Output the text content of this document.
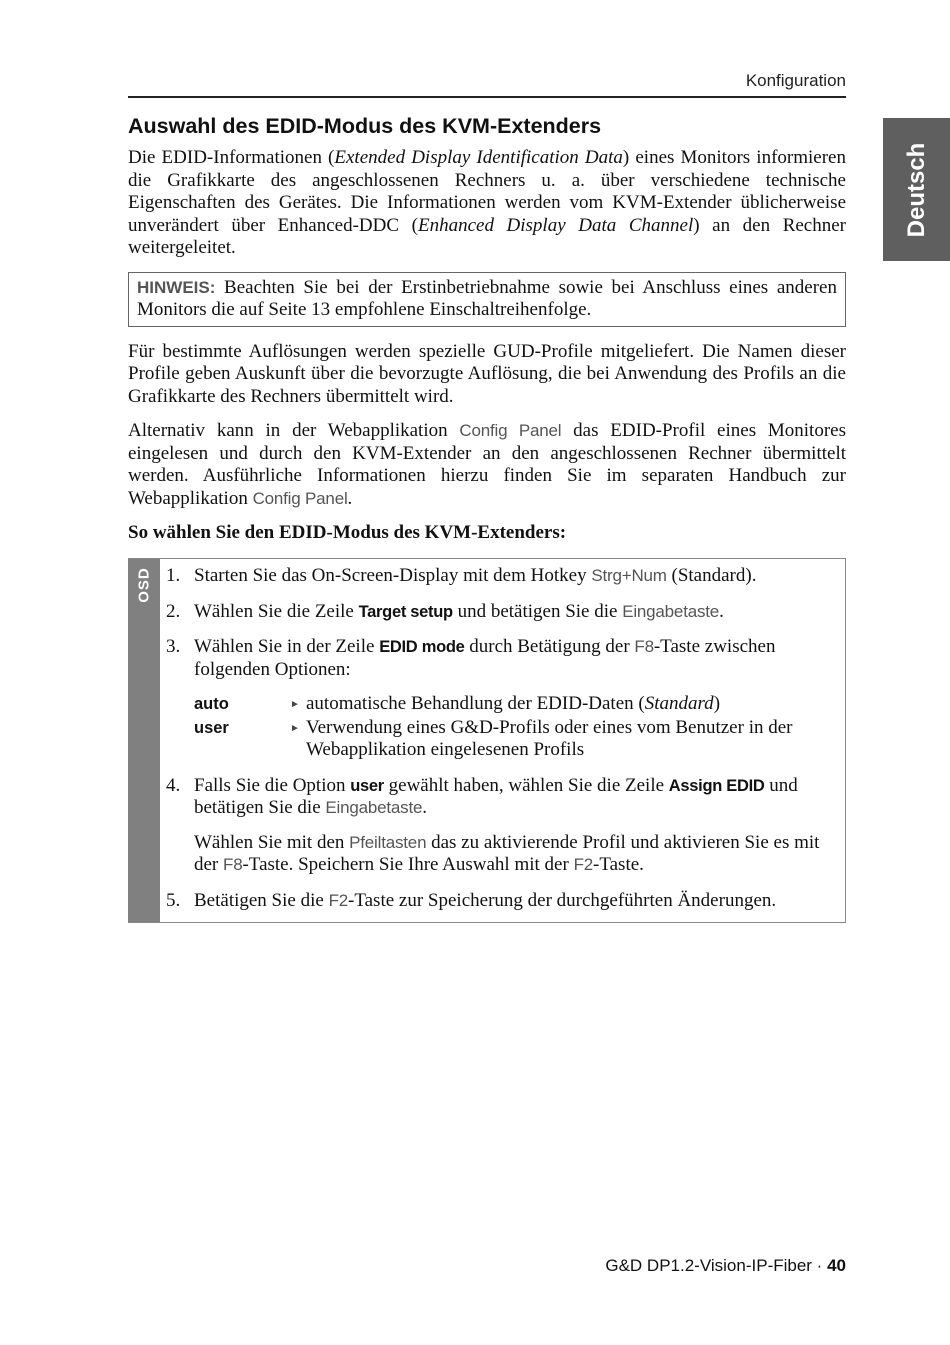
Konfiguration
Deutsch
Auswahl des EDID-Modus des KVM-Extenders

Die EDID-Informationen (Extended Display Identification Data) eines Monitors informieren die Grafikkarte des angeschlossenen Rechners u. a. über verschiedene technische Eigenschaften des Gerätes. Die Informationen werden vom KVM-Extender üblicherweise unverändert über Enhanced-DDC (Enhanced Display Data Channel) an den Rechner weitergeleitet.

HINWEIS: Beachten Sie bei der Erstinbetriebnahme sowie bei Anschluss eines anderen Monitors die auf Seite 13 empfohlene Einschaltreihenfolge.

Für bestimmte Auflösungen werden spezielle GUD-Profile mitgeliefert. Die Namen dieser Profile geben Auskunft über die bevorzugte Auflösung, die bei Anwendung des Profils an die Grafikkarte des Rechners übermittelt wird.

Alternativ kann in der Webapplikation Config Panel das EDID-Profil eines Monitores eingelesen und durch den KVM-Extender an den angeschlossenen Rechner übermittelt werden. Ausführliche Informationen hierzu finden Sie im separaten Handbuch zur Webapplikation Config Panel.

So wählen Sie den EDID-Modus des KVM-Extenders:
OSD 1. Starten Sie das On-Screen-Display mit dem Hotkey Strg+Num (Standard).
2. Wählen Sie die Zeile Target setup und betätigen Sie die Eingabetaste.
3. Wählen Sie in der Zeile EDID mode durch Betätigung der F8-Taste zwischen folgenden Optionen:
auto	► automatische Behandlung der EDID-Daten (Standard)
user	► Verwendung eines G&D-Profils oder eines vom Benutzer in der Webapplikation eingelesenen Profils
4. Falls Sie die Option user gewählt haben, wählen Sie die Zeile Assign EDID und betätigen Sie die Eingabetaste.
Wählen Sie mit den Pfeiltasten das zu aktivierende Profil und aktivieren Sie es mit der F8-Taste. Speichern Sie Ihre Auswahl mit der F2-Taste.
5. Betätigen Sie die F2-Taste zur Speicherung der durchgeführten Änderungen.
G&D DP1.2-Vision-IP-Fiber · 40
